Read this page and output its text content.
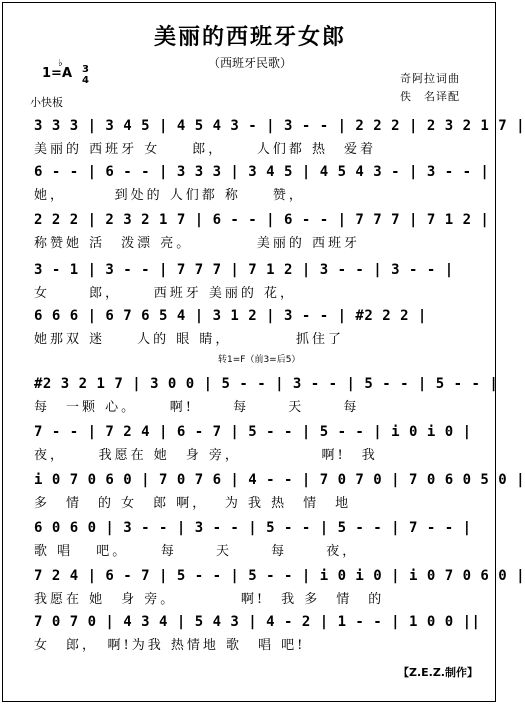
美丽的西班牙女郎
（西班牙民歌）
1=
♭
A 3
4
小快板
奇阿拉词曲
佚　名译配
3 3 3 | 3 4 5 | 4 5 4 3 - | 3 - - | 2 2 2 | 2 3 2 1 7 |
美丽的 西班牙 女　　郎，　　 人们都 热　爱着
6 - - | 6 - - | 3 3 3 | 3 4 5 | 4 5 4 3 - | 3 - - |
她，　　　 到处的 人们都 称　　赞，
2 2 2 | 2 3 2 1 7 | 6 - - | 6 - - | 7 7 7 | 7 1 2 |
称赞她 活　泼漂 亮。　　　　 美丽的 西班牙
3 - 1 | 3 - - | 7 7 7 | 7 1 2 | 3 - - | 3 - - |
女　　 郎，　　 西班牙 美丽的 花，
6 6 6 | 6 7 6 5 4 | 3 1 2 | 3 - - | #2 2 2 |
她那双 迷　　人的 眼 睛，　　　　 抓住了
转1=F（前3=后5）
#2 3 2 1 7 | 3 0 0 | 5 - - | 3 - - | 5 - - | 5 - - |
每　一颗 心。　　 啊!　　 每　　 天　　 每
7 - - | 7 2 4 | 6 - 7 | 5 - - | 5 - - | i 0 i 0 |
夜，　　 我愿在 她　身 旁，　　　　　 啊!　我
i 0 7 0 6 0 | 7 0 7 6 | 4 - - | 7 0 7 0 | 7 0 6 0 5 0 |
多　情　的 女　郎 啊，　 为 我 热　情　地
6 0 6 0 | 3 - - | 3 - - | 5 - - | 5 - - | 7 - - |
歌 唱　 吧。　　 每　　 天　　 每　　 夜，
7 2 4 | 6 - 7 | 5 - - | 5 - - | i 0 i 0 | i 0 7 0 6 0 |
我愿在 她　身 旁。　　　　 啊!　我 多　情　的
7 0 7 0 | 4 3 4 | 5 4 3 | 4 - 2 | 1 - - | 1 0 0 ||
女　郎，　啊!为我 热情地 歌　唱 吧!
【Z.E.Z.制作】
